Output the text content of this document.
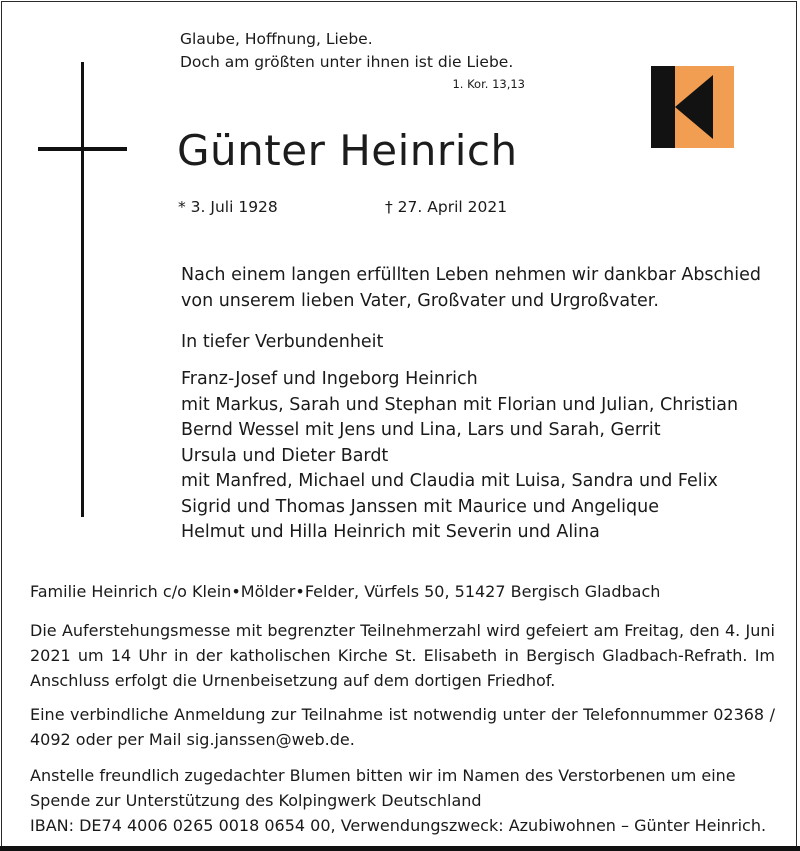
Glaube, Hoffnung, Liebe.
Doch am größten unter ihnen ist die Liebe.
1. Kor. 13,13
Günter Heinrich
* 3. Juli 1928	† 27. April 2021
Nach einem langen erfüllten Leben nehmen wir dankbar Abschied
von unserem lieben Vater, Großvater und Urgroßvater.
In tiefer Verbundenheit
Franz-Josef und Ingeborg Heinrich
mit Markus, Sarah und Stephan mit Florian und Julian, Christian
Bernd Wessel mit Jens und Lina, Lars und Sarah, Gerrit
Ursula und Dieter Bardt
mit Manfred, Michael und Claudia mit Luisa, Sandra und Felix
Sigrid und Thomas Janssen mit Maurice und Angelique
Helmut und Hilla Heinrich mit Severin und Alina
Familie Heinrich c/o Klein•Mölder•Felder, Vürfels 50, 51427 Bergisch Gladbach

Die Auferstehungsmesse mit begrenzter Teilnehmerzahl wird gefeiert am Freitag, den 4. Juni 2021 um 14 Uhr in der katholischen Kirche St. Elisabeth in Bergisch Gladbach-Refrath. Im Anschluss erfolgt die Urnenbeisetzung auf dem dortigen Friedhof.

Eine verbindliche Anmeldung zur Teilnahme ist notwendig unter der Telefonnummer 02368 / 4092 oder per Mail sig.janssen@web.de.

Anstelle freundlich zugedachter Blumen bitten wir im Namen des Verstorbenen um eine Spende zur Unterstützung des Kolpingwerk Deutschland
IBAN: DE74 4006 0265 0018 0654 00, Verwendungszweck: Azubiwohnen – Günter Heinrich.
